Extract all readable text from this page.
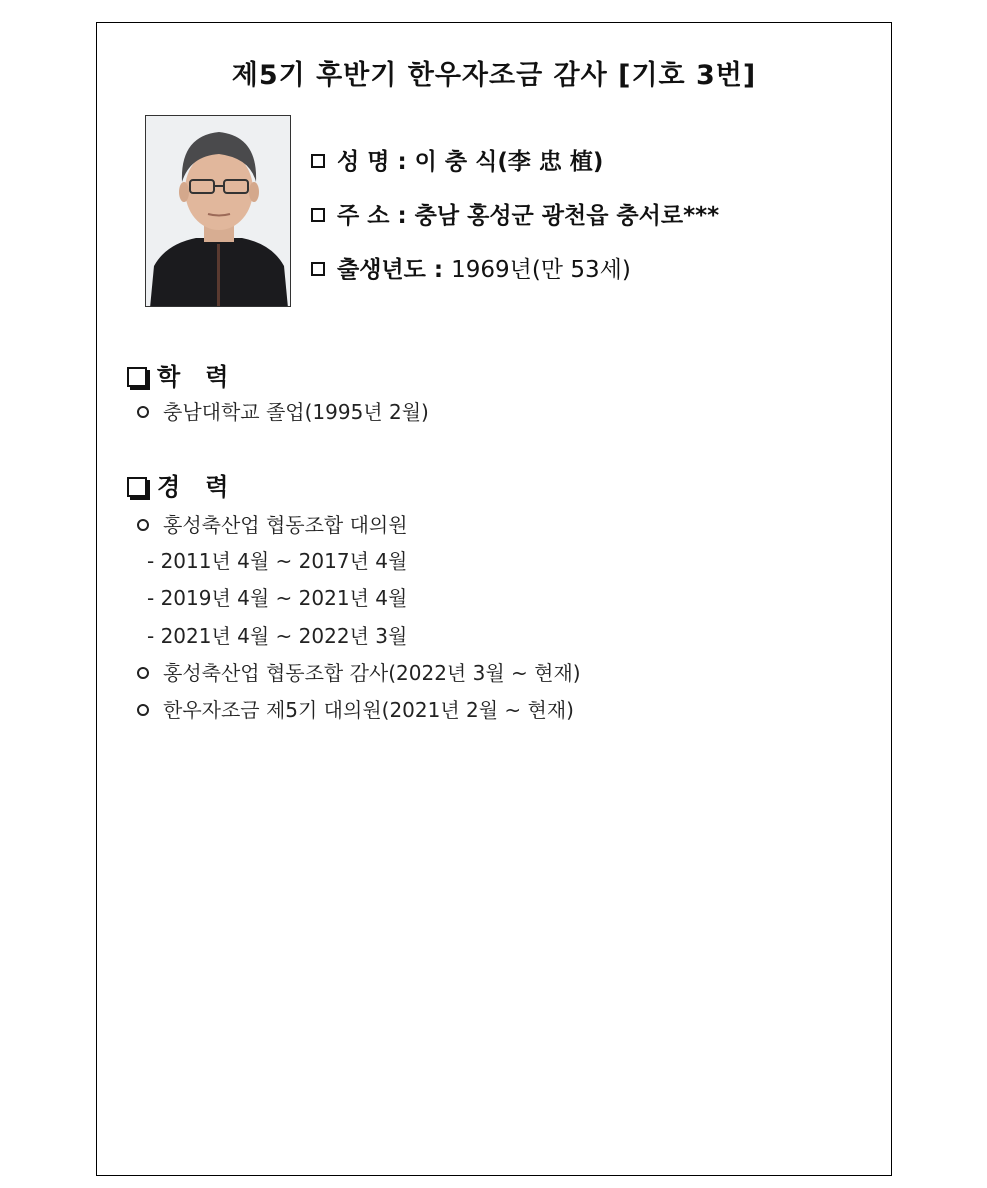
제5기 후반기 한우자조금 감사 [기호 3번]
성 명 : 이 충 식(李 忠 植)
주 소 : 충남 홍성군 광천읍 충서로***
출생년도 : 1969년(만 53세)
학   력
충남대학교 졸업(1995년 2월)
경   력
홍성축산업 협동조합 대의원
- 2011년 4월 ~ 2017년 4월
- 2019년 4월 ~ 2021년 4월
- 2021년 4월 ~ 2022년 3월
홍성축산업 협동조합 감사(2022년 3월 ~ 현재)
한우자조금 제5기 대의원(2021년 2월 ~ 현재)
